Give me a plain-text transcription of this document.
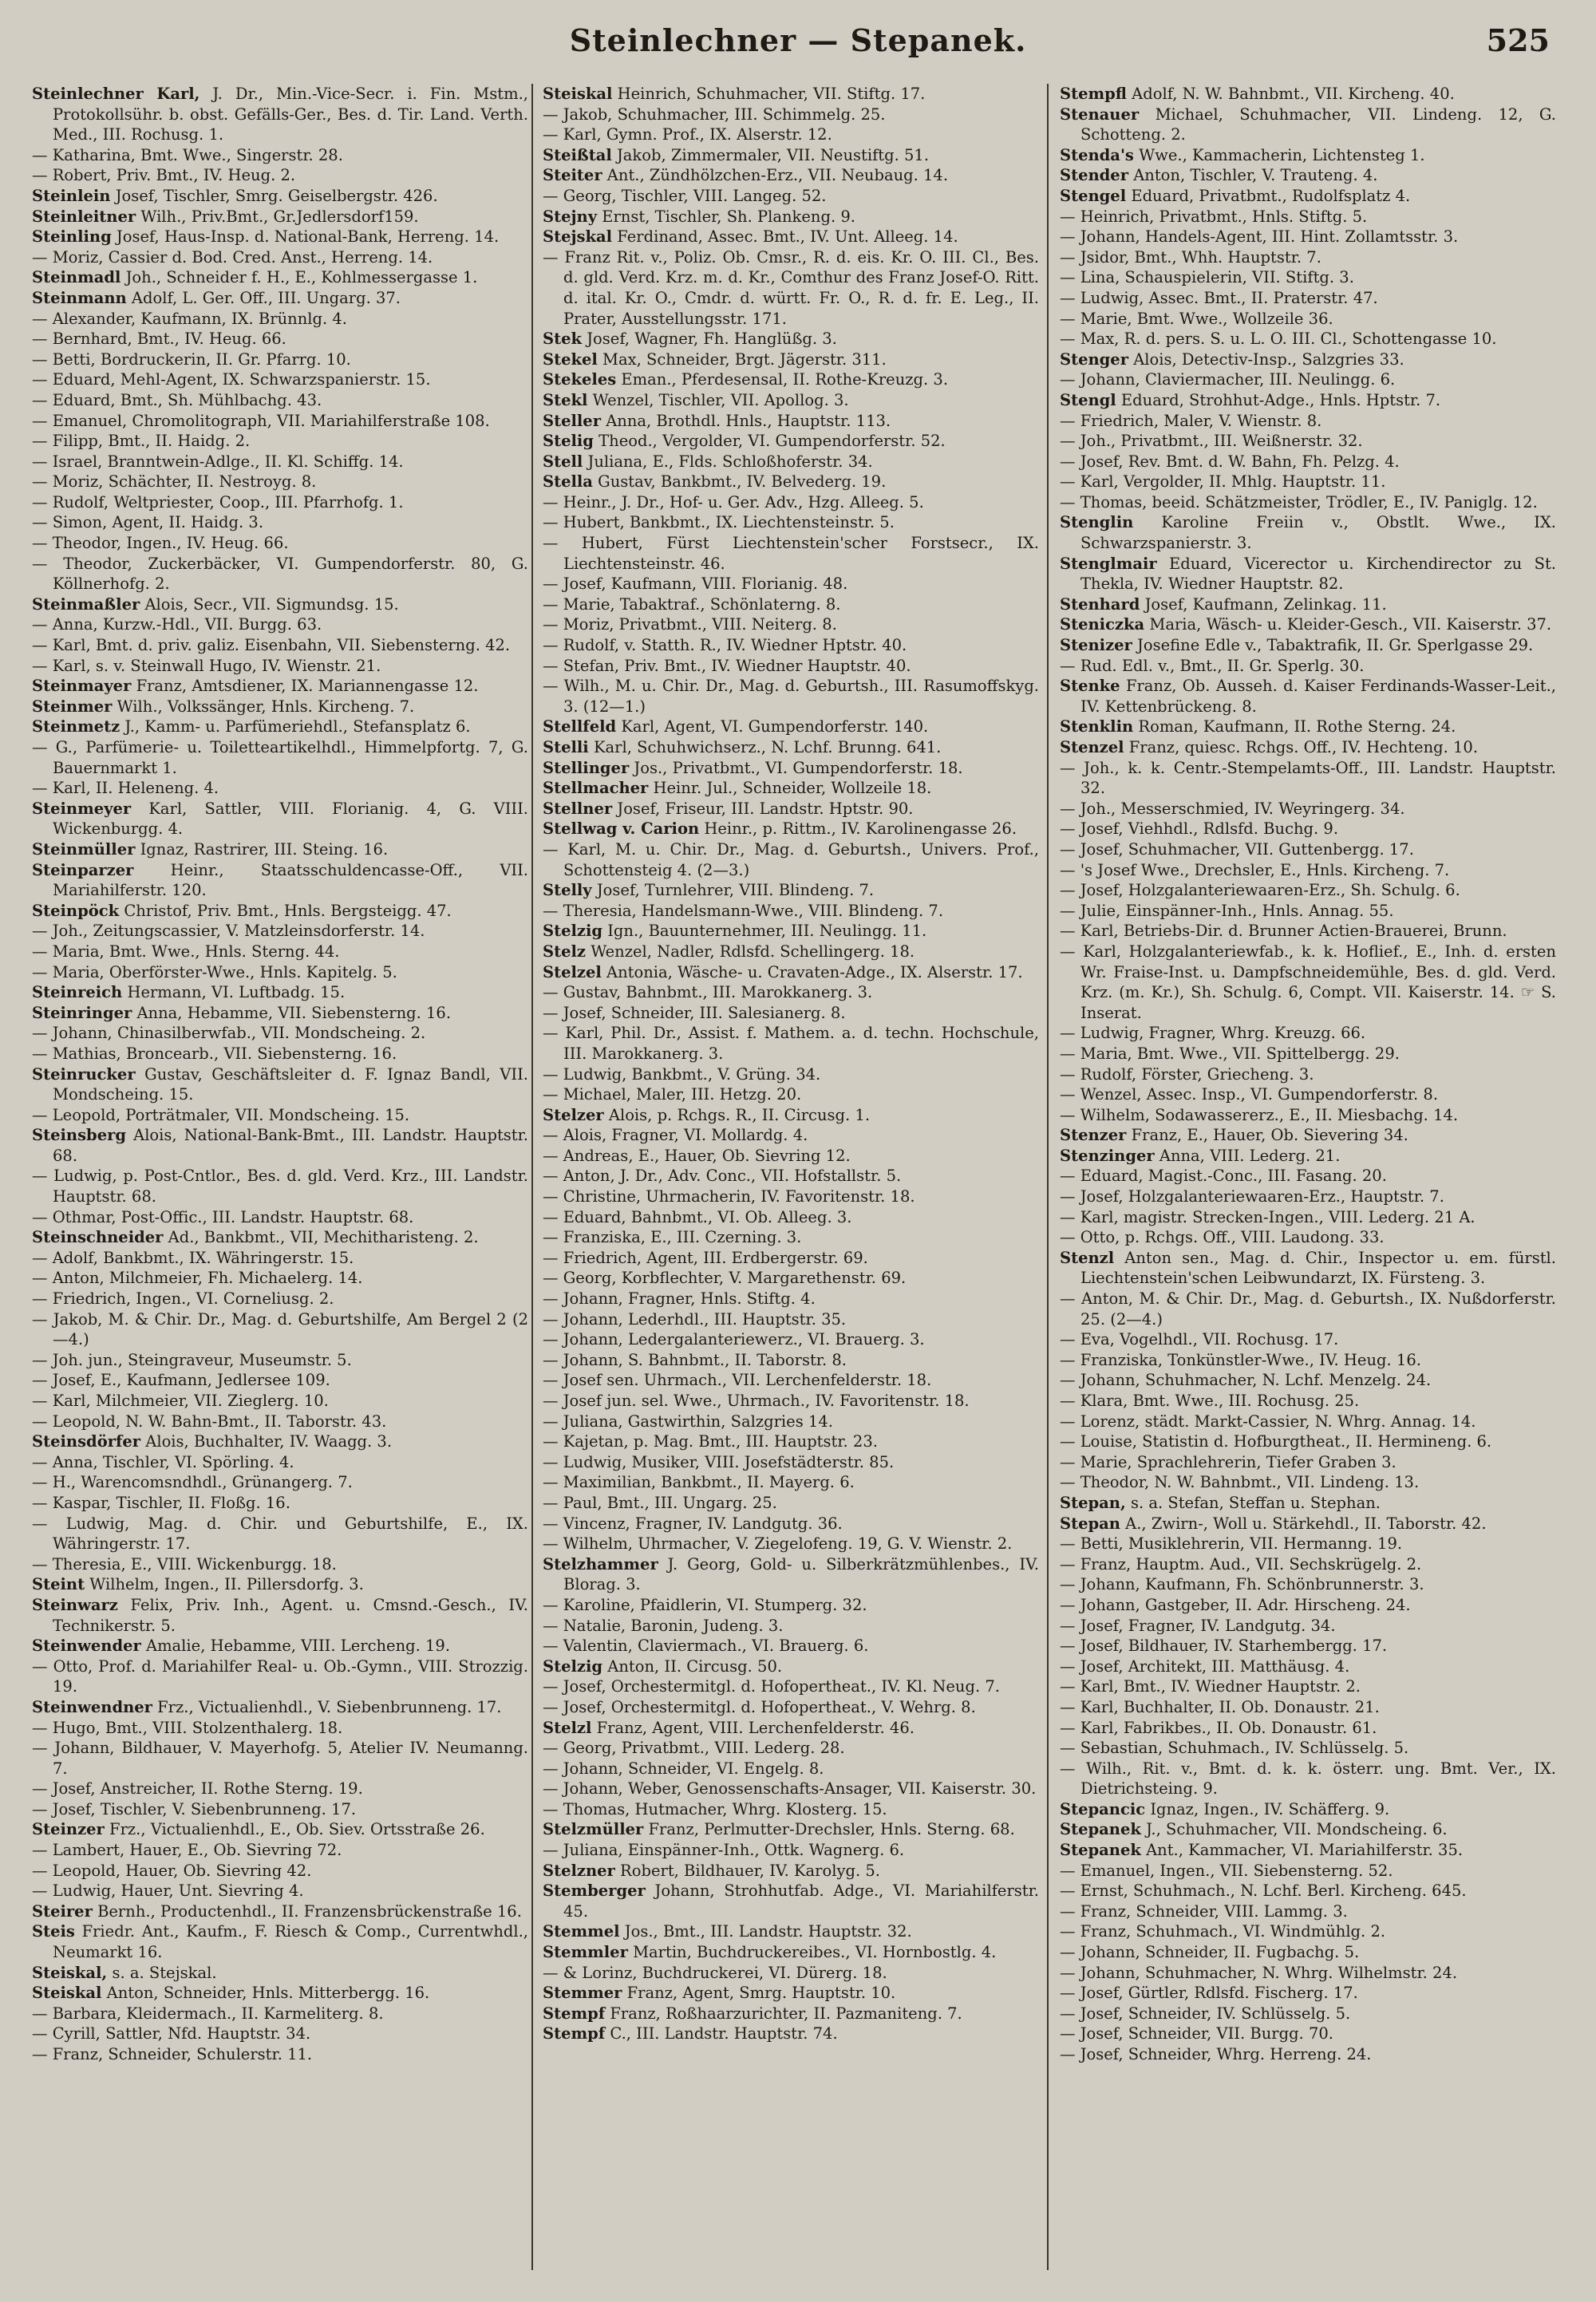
Steinlechner — Stepanek.	525
Steinlechner Karl, J. Dr., Min.-Vice-Secr. i. Fin. Mstm., Protokollsühr. b. obst. Gefälls-Ger., Bes. d. Tir. Land. Verth. Med., III. Rochusg. 1.
— Katharina, Bmt. Wwe., Singerstr. 28.
— Robert, Priv. Bmt., IV. Heug. 2.
Steinlein Josef, Tischler, Smrg. Geiselbergstr. 426.
Steinleitner Wilh., Priv.Bmt., Gr.Jedlersdorf159.
Steinling Josef, Haus-Insp. d. National-Bank, Herreng. 14.
— Moriz, Cassier d. Bod. Cred. Anst., Herreng. 14.
Steinmadl Joh., Schneider f. H., E., Kohlmessergasse 1.
Steinmann Adolf, L. Ger. Off., III. Ungarg. 37.
— Alexander, Kaufmann, IX. Brünnlg. 4.
— Bernhard, Bmt., IV. Heug. 66.
— Betti, Bordruckerin, II. Gr. Pfarrg. 10.
— Eduard, Mehl-Agent, IX. Schwarzspanierstr. 15.
— Eduard, Bmt., Sh. Mühlbachg. 43.
— Emanuel, Chromolitograph, VII. Mariahilferstraße 108.
— Filipp, Bmt., II. Haidg. 2.
— Israel, Branntwein-Adlge., II. Kl. Schiffg. 14.
— Moriz, Schächter, II. Nestroyg. 8.
— Rudolf, Weltpriester, Coop., III. Pfarrhofg. 1.
— Simon, Agent, II. Haidg. 3.
— Theodor, Ingen., IV. Heug. 66.
— Theodor, Zuckerbäcker, VI. Gumpendorferstr. 80, G. Köllnerhofg. 2.
Steinmaßler Alois, Secr., VII. Sigmundsg. 15.
— Anna, Kurzw.-Hdl., VII. Burgg. 63.
— Karl, Bmt. d. priv. galiz. Eisenbahn, VII. Siebensterng. 42.
— Karl, s. v. Steinwall Hugo, IV. Wienstr. 21.
Steinmayer Franz, Amtsdiener, IX. Mariannengasse 12.
Steinmer Wilh., Volkssänger, Hnls. Kircheng. 7.
Steinmetz J., Kamm- u. Parfümeriehdl., Stefansplatz 6.
— G., Parfümerie- u. Toiletteartikelhdl., Himmelpfortg. 7, G. Bauernmarkt 1.
— Karl, II. Heleneng. 4.
Steinmeyer Karl, Sattler, VIII. Florianig. 4, G. VIII. Wickenburgg. 4.
Steinmüller Ignaz, Rastrirer, III. Steing. 16.
Steinparzer Heinr., Staatsschuldencasse-Off., VII. Mariahilferstr. 120.
Steinpöck Christof, Priv. Bmt., Hnls. Bergsteigg. 47.
— Joh., Zeitungscassier, V. Matzleinsdorferstr. 14.
— Maria, Bmt. Wwe., Hnls. Sterng. 44.
— Maria, Oberförster-Wwe., Hnls. Kapitelg. 5.
Steinreich Hermann, VI. Luftbadg. 15.
Steinringer Anna, Hebamme, VII. Siebensterng. 16.
— Johann, Chinasilberwfab., VII. Mondscheing. 2.
— Mathias, Broncearb., VII. Siebensterng. 16.
Steinrucker Gustav, Geschäftsleiter d. F. Ignaz Bandl, VII. Mondscheing. 15.
— Leopold, Porträtmaler, VII. Mondscheing. 15.
Steinsberg Alois, National-Bank-Bmt., III. Landstr. Hauptstr. 68.
— Ludwig, p. Post-Cntlor., Bes. d. gld. Verd. Krz., III. Landstr. Hauptstr. 68.
— Othmar, Post-Offic., III. Landstr. Hauptstr. 68.
Steinschneider Ad., Bankbmt., VII, Mechitharisteng. 2.
— Adolf, Bankbmt., IX. Währingerstr. 15.
— Anton, Milchmeier, Fh. Michaelerg. 14.
— Friedrich, Ingen., VI. Corneliusg. 2.
— Jakob, M. & Chir. Dr., Mag. d. Geburtshilfe, Am Bergel 2 (2—4.)
— Joh. jun., Steingraveur, Museumstr. 5.
— Josef, E., Kaufmann, Jedlersee 109.
— Karl, Milchmeier, VII. Zieglerg. 10.
— Leopold, N. W. Bahn-Bmt., II. Taborstr. 43.
Steinsdörfer Alois, Buchhalter, IV. Waagg. 3.
— Anna, Tischler, VI. Spörling. 4.
— H., Warencomsndhdl., Grünangerg. 7.
— Kaspar, Tischler, II. Floßg. 16.
— Ludwig, Mag. d. Chir. und Geburtshilfe, E., IX. Währingerstr. 17.
— Theresia, E., VIII. Wickenburgg. 18.
Steint Wilhelm, Ingen., II. Pillersdorfg. 3.
Steinwarz Felix, Priv. Inh., Agent. u. Cmsnd.-Gesch., IV. Technikerstr. 5.
Steinwender Amalie, Hebamme, VIII. Lercheng. 19.
— Otto, Prof. d. Mariahilfer Real- u. Ob.-Gymn., VIII. Strozzig. 19.
Steinwendner Frz., Victualienhdl., V. Siebenbrunneng. 17.
— Hugo, Bmt., VIII. Stolzenthalerg. 18.
— Johann, Bildhauer, V. Mayerhofg. 5, Atelier IV. Neumanng. 7.
— Josef, Anstreicher, II. Rothe Sterng. 19.
— Josef, Tischler, V. Siebenbrunneng. 17.
Steinzer Frz., Victualienhdl., E., Ob. Siev. Ortsstraße 26.
— Lambert, Hauer, E., Ob. Sievring 72.
— Leopold, Hauer, Ob. Sievring 42.
— Ludwig, Hauer, Unt. Sievring 4.
Steirer Bernh., Productenhdl., II. Franzensbrückenstraße 16.
Steis Friedr. Ant., Kaufm., F. Riesch & Comp., Currentwhdl., Neumarkt 16.
Steiskal, s. a. Stejskal.
Steiskal Anton, Schneider, Hnls. Mitterbergg. 16.
— Barbara, Kleidermach., II. Karmeliterg. 8.
— Cyrill, Sattler, Nfd. Hauptstr. 34.
— Franz, Schneider, Schulerstr. 11.
Steiskal Heinrich, Schuhmacher, VII. Stiftg. 17.
— Jakob, Schuhmacher, III. Schimmelg. 25.
— Karl, Gymn. Prof., IX. Alserstr. 12.
Steißtal Jakob, Zimmermaler, VII. Neustiftg. 51.
Steiter Ant., Zündhölzchen-Erz., VII. Neubaug. 14.
— Georg, Tischler, VIII. Langeg. 52.
Stejny Ernst, Tischler, Sh. Plankeng. 9.
Stejskal Ferdinand, Assec. Bmt., IV. Unt. Alleeg. 14.
— Franz Rit. v., Poliz. Ob. Cmsr., R. d. eis. Kr. O. III. Cl., Bes. d. gld. Verd. Krz. m. d. Kr., Comthur des Franz Josef-O. Ritt. d. ital. Kr. O., Cmdr. d. württ. Fr. O., R. d. fr. E. Leg., II. Prater, Ausstellungsstr. 171.
Stek Josef, Wagner, Fh. Hanglüßg. 3.
Stekel Max, Schneider, Brgt. Jägerstr. 311.
Stekeles Eman., Pferdesensal, II. Rothe-Kreuzg. 3.
Stekl Wenzel, Tischler, VII. Apollog. 3.
Steller Anna, Brothdl. Hnls., Hauptstr. 113.
Stelig Theod., Vergolder, VI. Gumpendorferstr. 52.
Stell Juliana, E., Flds. Schloßhoferstr. 34.
Stella Gustav, Bankbmt., IV. Belvederg. 19.
— Heinr., J. Dr., Hof- u. Ger. Adv., Hzg. Alleeg. 5.
— Hubert, Bankbmt., IX. Liechtensteinstr. 5.
— Hubert, Fürst Liechtenstein'scher Forstsecr., IX. Liechtensteinstr. 46.
— Josef, Kaufmann, VIII. Florianig. 48.
— Marie, Tabaktraf., Schönlaterng. 8.
— Moriz, Privatbmt., VIII. Neiterg. 8.
— Rudolf, v. Statth. R., IV. Wiedner Hptstr. 40.
— Stefan, Priv. Bmt., IV. Wiedner Hauptstr. 40.
— Wilh., M. u. Chir. Dr., Mag. d. Geburtsh., III. Rasumoffskyg. 3. (12—1.)
Stellfeld Karl, Agent, VI. Gumpendorferstr. 140.
Stelli Karl, Schuhwichserz., N. Lchf. Brunng. 641.
Stellinger Jos., Privatbmt., VI. Gumpendorferstr. 18.
Stellmacher Heinr. Jul., Schneider, Wollzeile 18.
Stellner Josef, Friseur, III. Landstr. Hptstr. 90.
Stellwag v. Carion Heinr., p. Rittm., IV. Karolinengasse 26.
— Karl, M. u. Chir. Dr., Mag. d. Geburtsh., Univers. Prof., Schottensteig 4. (2—3.)
Stelly Josef, Turnlehrer, VIII. Blindeng. 7.
— Theresia, Handelsmann-Wwe., VIII. Blindeng. 7.
Stelzig Ign., Bauunternehmer, III. Neulingg. 11.
Stelz Wenzel, Nadler, Rdlsfd. Schellingerg. 18.
Stelzel Antonia, Wäsche- u. Cravaten-Adge., IX. Alserstr. 17.
— Gustav, Bahnbmt., III. Marokkanerg. 3.
— Josef, Schneider, III. Salesianerg. 8.
— Karl, Phil. Dr., Assist. f. Mathem. a. d. techn. Hochschule, III. Marokkanerg. 3.
— Ludwig, Bankbmt., V. Grüng. 34.
— Michael, Maler, III. Hetzg. 20.
Stelzer Alois, p. Rchgs. R., II. Circusg. 1.
— Alois, Fragner, VI. Mollardg. 4.
— Andreas, E., Hauer, Ob. Sievring 12.
— Anton, J. Dr., Adv. Conc., VII. Hofstallstr. 5.
— Christine, Uhrmacherin, IV. Favoritenstr. 18.
— Eduard, Bahnbmt., VI. Ob. Alleeg. 3.
— Franziska, E., III. Czerning. 3.
— Friedrich, Agent, III. Erdbergerstr. 69.
— Georg, Korbflechter, V. Margarethenstr. 69.
— Johann, Fragner, Hnls. Stiftg. 4.
— Johann, Lederhdl., III. Hauptstr. 35.
— Johann, Ledergalanteriewerz., VI. Brauerg. 3.
— Johann, S. Bahnbmt., II. Taborstr. 8.
— Josef sen. Uhrmach., VII. Lerchenfelderstr. 18.
— Josef jun. sel. Wwe., Uhrmach., IV. Favoritenstr. 18.
— Juliana, Gastwirthin, Salzgries 14.
— Kajetan, p. Mag. Bmt., III. Hauptstr. 23.
— Ludwig, Musiker, VIII. Josefstädterstr. 85.
— Maximilian, Bankbmt., II. Mayerg. 6.
— Paul, Bmt., III. Ungarg. 25.
— Vincenz, Fragner, IV. Landgutg. 36.
— Wilhelm, Uhrmacher, V. Ziegelofeng. 19, G. V. Wienstr. 2.
Stelzhammer J. Georg, Gold- u. Silberkrätzmühlenbes., IV. Blorag. 3.
— Karoline, Pfaidlerin, VI. Stumperg. 32.
— Natalie, Baronin, Judeng. 3.
— Valentin, Claviermach., VI. Brauerg. 6.
Stelzig Anton, II. Circusg. 50.
— Josef, Orchestermitgl. d. Hofopertheat., IV. Kl. Neug. 7.
— Josef, Orchestermitgl. d. Hofopertheat., V. Wehrg. 8.
Stelzl Franz, Agent, VIII. Lerchenfelderstr. 46.
— Georg, Privatbmt., VIII. Lederg. 28.
— Johann, Schneider, VI. Engelg. 8.
— Johann, Weber, Genossenschafts-Ansager, VII. Kaiserstr. 30.
— Thomas, Hutmacher, Whrg. Klosterg. 15.
Stelzmüller Franz, Perlmutter-Drechsler, Hnls. Sterng. 68.
— Juliana, Einspänner-Inh., Ottk. Wagnerg. 6.
Stelzner Robert, Bildhauer, IV. Karolyg. 5.
Stemberger Johann, Strohhutfab. Adge., VI. Mariahilferstr. 45.
Stemmel Jos., Bmt., III. Landstr. Hauptstr. 32.
Stemmler Martin, Buchdruckereibes., VI. Hornbostlg. 4.
— & Lorinz, Buchdruckerei, VI. Dürerg. 18.
Stemmer Franz, Agent, Smrg. Hauptstr. 10.
Stempf Franz, Roßhaarzurichter, II. Pazmaniteng. 7.
Stempf C., III. Landstr. Hauptstr. 74.
Stempfl Adolf, N. W. Bahnbmt., VII. Kircheng. 40.
Stenauer Michael, Schuhmacher, VII. Lindeng. 12, G. Schotteng. 2.
Stenda's Wwe., Kammacherin, Lichtensteg 1.
Stender Anton, Tischler, V. Trauteng. 4.
Stengel Eduard, Privatbmt., Rudolfsplatz 4.
— Heinrich, Privatbmt., Hnls. Stiftg. 5.
— Johann, Handels-Agent, III. Hint. Zollamtsstr. 3.
— Jsidor, Bmt., Whh. Hauptstr. 7.
— Lina, Schauspielerin, VII. Stiftg. 3.
— Ludwig, Assec. Bmt., II. Praterstr. 47.
— Marie, Bmt. Wwe., Wollzeile 36.
— Max, R. d. pers. S. u. L. O. III. Cl., Schottengasse 10.
Stenger Alois, Detectiv-Insp., Salzgries 33.
— Johann, Claviermacher, III. Neulingg. 6.
Stengl Eduard, Strohhut-Adge., Hnls. Hptstr. 7.
— Friedrich, Maler, V. Wienstr. 8.
— Joh., Privatbmt., III. Weißnerstr. 32.
— Josef, Rev. Bmt. d. W. Bahn, Fh. Pelzg. 4.
— Karl, Vergolder, II. Mhlg. Hauptstr. 11.
— Thomas, beeid. Schätzmeister, Trödler, E., IV. Paniglg. 12.
Stenglin Karoline Freiin v., Obstlt. Wwe., IX. Schwarzspanierstr. 3.
Stenglmair Eduard, Vicerector u. Kirchendirector zu St. Thekla, IV. Wiedner Hauptstr. 82.
Stenhard Josef, Kaufmann, Zelinkag. 11.
Steniczka Maria, Wäsch- u. Kleider-Gesch., VII. Kaiserstr. 37.
Stenizer Josefine Edle v., Tabaktrafik, II. Gr. Sperlgasse 29.
— Rud. Edl. v., Bmt., II. Gr. Sperlg. 30.
Stenke Franz, Ob. Ausseh. d. Kaiser Ferdinands-Wasser-Leit., IV. Kettenbrückeng. 8.
Stenklin Roman, Kaufmann, II. Rothe Sterng. 24.
Stenzel Franz, quiesc. Rchgs. Off., IV. Hechteng. 10.
— Joh., k. k. Centr.-Stempelamts-Off., III. Landstr. Hauptstr. 32.
— Joh., Messerschmied, IV. Weyringerg. 34.
— Josef, Viehhdl., Rdlsfd. Buchg. 9.
— Josef, Schuhmacher, VII. Guttenbergg. 17.
— 's Josef Wwe., Drechsler, E., Hnls. Kircheng. 7.
— Josef, Holzgalanteriewaaren-Erz., Sh. Schulg. 6.
— Julie, Einspänner-Inh., Hnls. Annag. 55.
— Karl, Betriebs-Dir. d. Brunner Actien-Brauerei, Brunn.
— Karl, Holzgalanteriewfab., k. k. Hoflief., E., Inh. d. ersten Wr. Fraise-Inst. u. Dampfschneidemühle, Bes. d. gld. Verd. Krz. (m. Kr.), Sh. Schulg. 6, Compt. VII. Kaiserstr. 14. ☞ S. Inserat.
— Ludwig, Fragner, Whrg. Kreuzg. 66.
— Maria, Bmt. Wwe., VII. Spittelbergg. 29.
— Rudolf, Förster, Griecheng. 3.
— Wenzel, Assec. Insp., VI. Gumpendorferstr. 8.
— Wilhelm, Sodawassererz., E., II. Miesbachg. 14.
Stenzer Franz, E., Hauer, Ob. Sievering 34.
Stenzinger Anna, VIII. Lederg. 21.
— Eduard, Magist.-Conc., III. Fasang. 20.
— Josef, Holzgalanteriewaaren-Erz., Hauptstr. 7.
— Karl, magistr. Strecken-Ingen., VIII. Lederg. 21 A.
— Otto, p. Rchgs. Off., VIII. Laudong. 33.
Stenzl Anton sen., Mag. d. Chir., Inspector u. em. fürstl. Liechtenstein'schen Leibwundarzt, IX. Fürsteng. 3.
— Anton, M. & Chir. Dr., Mag. d. Geburtsh., IX. Nußdorferstr. 25. (2—4.)
— Eva, Vogelhdl., VII. Rochusg. 17.
— Franziska, Tonkünstler-Wwe., IV. Heug. 16.
— Johann, Schuhmacher, N. Lchf. Menzelg. 24.
— Klara, Bmt. Wwe., III. Rochusg. 25.
— Lorenz, städt. Markt-Cassier, N. Whrg. Annag. 14.
— Louise, Statistin d. Hofburgtheat., II. Hermineng. 6.
— Marie, Sprachlehrerin, Tiefer Graben 3.
— Theodor, N. W. Bahnbmt., VII. Lindeng. 13.
Stepan, s. a. Stefan, Steffan u. Stephan.
Stepan A., Zwirn-, Woll u. Stärkehdl., II. Taborstr. 42.
— Betti, Musiklehrerin, VII. Hermanng. 19.
— Franz, Hauptm. Aud., VII. Sechskrügelg. 2.
— Johann, Kaufmann, Fh. Schönbrunnerstr. 3.
— Johann, Gastgeber, II. Adr. Hirscheng. 24.
— Josef, Fragner, IV. Landgutg. 34.
— Josef, Bildhauer, IV. Starhembergg. 17.
— Josef, Architekt, III. Matthäusg. 4.
— Karl, Bmt., IV. Wiedner Hauptstr. 2.
— Karl, Buchhalter, II. Ob. Donaustr. 21.
— Karl, Fabrikbes., II. Ob. Donaustr. 61.
— Sebastian, Schuhmach., IV. Schlüsselg. 5.
— Wilh., Rit. v., Bmt. d. k. k. österr. ung. Bmt. Ver., IX. Dietrichsteing. 9.
Stepancic Ignaz, Ingen., IV. Schäfferg. 9.
Stepanek J., Schuhmacher, VII. Mondscheing. 6.
Stepanek Ant., Kammacher, VI. Mariahilferstr. 35.
— Emanuel, Ingen., VII. Siebensterng. 52.
— Ernst, Schuhmach., N. Lchf. Berl. Kircheng. 645.
— Franz, Schneider, VIII. Lammg. 3.
— Franz, Schuhmach., VI. Windmühlg. 2.
— Johann, Schneider, II. Fugbachg. 5.
— Johann, Schuhmacher, N. Whrg. Wilhelmstr. 24.
— Josef, Gürtler, Rdlsfd. Fischerg. 17.
— Josef, Schneider, IV. Schlüsselg. 5.
— Josef, Schneider, VII. Burgg. 70.
— Josef, Schneider, Whrg. Herreng. 24.
